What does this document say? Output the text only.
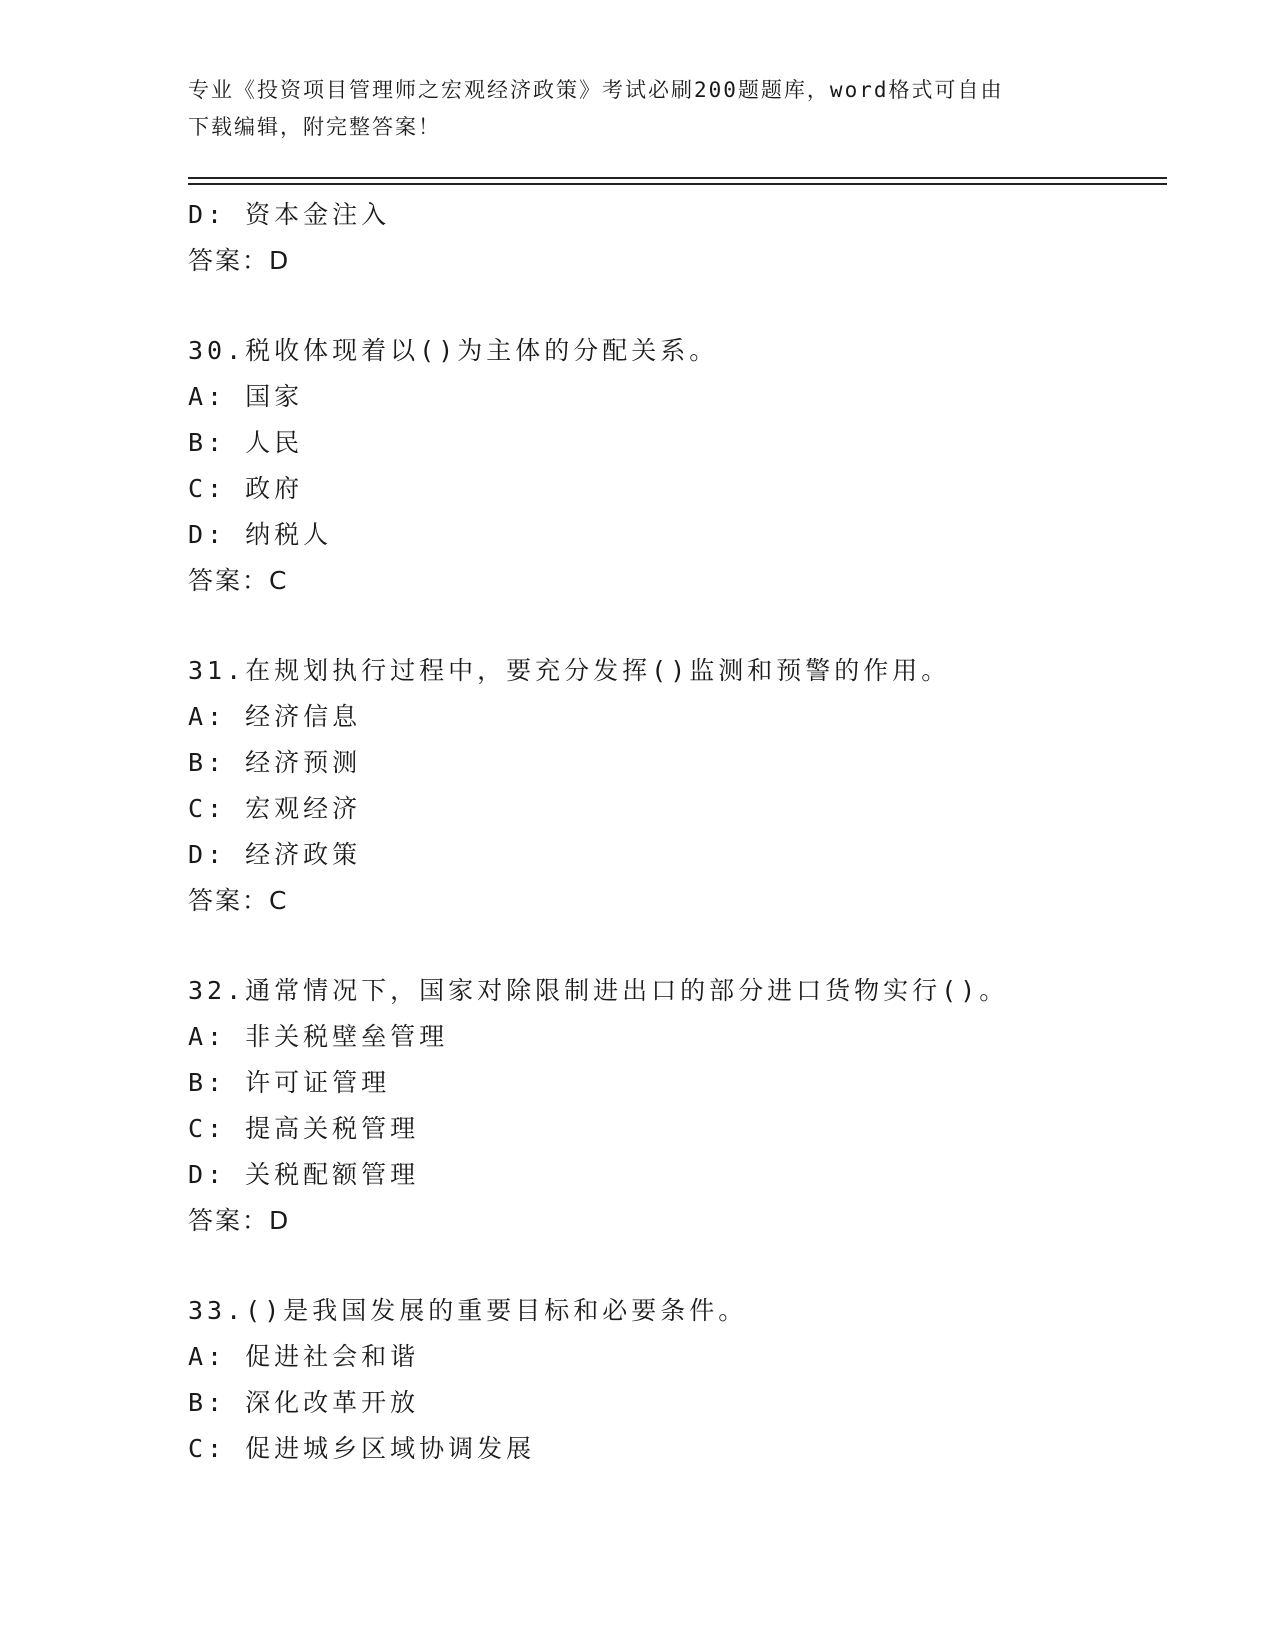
专业《投资项目管理师之宏观经济政策》考试必刷200题题库，word格式可自由
下载编辑，附完整答案！
D: 资本金注入
答案：D
30.税收体现着以()为主体的分配关系。
A: 国家
B: 人民
C: 政府
D: 纳税人
答案：C
31.在规划执行过程中，要充分发挥()监测和预警的作用。
A: 经济信息
B: 经济预测
C: 宏观经济
D: 经济政策
答案：C
32.通常情况下，国家对除限制进出口的部分进口货物实行()。
A: 非关税壁垒管理
B: 许可证管理
C: 提高关税管理
D: 关税配额管理
答案：D
33.()是我国发展的重要目标和必要条件。
A: 促进社会和谐
B: 深化改革开放
C: 促进城乡区域协调发展
